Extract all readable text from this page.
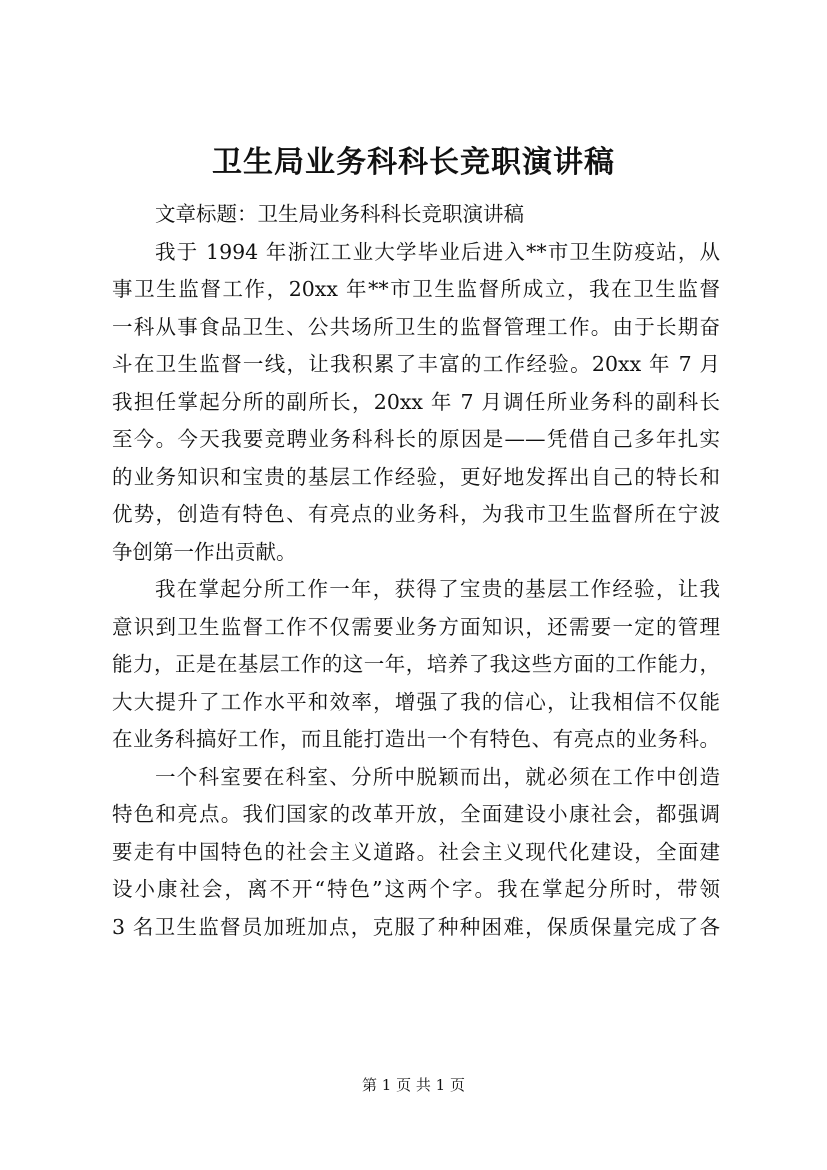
卫生局业务科科长竞职演讲稿
文章标题：卫生局业务科科长竞职演讲稿
我于 1994 年浙江工业大学毕业后进入**市卫生防疫站，从
事卫生监督工作，20xx 年**市卫生监督所成立，我在卫生监督
一科从事食品卫生、公共场所卫生的监督管理工作。由于长期奋
斗在卫生监督一线，让我积累了丰富的工作经验。20xx 年 7 月
我担任掌起分所的副所长，20xx 年 7 月调任所业务科的副科长
至今。今天我要竞聘业务科科长的原因是——凭借自己多年扎实
的业务知识和宝贵的基层工作经验，更好地发挥出自己的特长和
优势，创造有特色、有亮点的业务科，为我市卫生监督所在宁波
争创第一作出贡献。
我在掌起分所工作一年，获得了宝贵的基层工作经验，让我
意识到卫生监督工作不仅需要业务方面知识，还需要一定的管理
能力，正是在基层工作的这一年，培养了我这些方面的工作能力，
大大提升了工作水平和效率，增强了我的信心，让我相信不仅能
在业务科搞好工作，而且能打造出一个有特色、有亮点的业务科。
一个科室要在科室、分所中脱颖而出，就必须在工作中创造
特色和亮点。我们国家的改革开放，全面建设小康社会，都强调
要走有中国特色的社会主义道路。社会主义现代化建设，全面建
设小康社会，离不开“特色”这两个字。我在掌起分所时，带领
3 名卫生监督员加班加点，克服了种种困难，保质保量完成了各
第 1 页 共 1 页
